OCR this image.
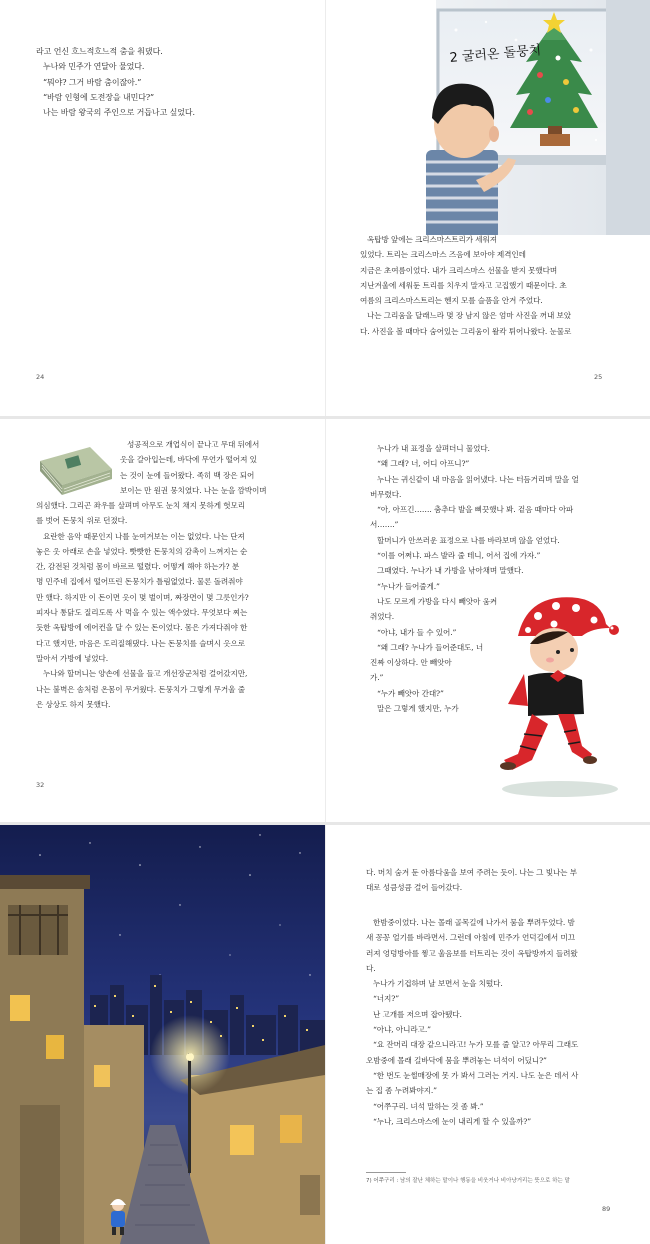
라고 언신 흐느적흐느적 춤을 춰댔다.

누나와 민주가 연달아 물었다.

“뭐야? 그거 바람 춤이잖아.”

“바람 인형에 도전장을 내민다?”

나는 바람 왕국의 주인으로 거듭나고 싶었다.

24
2 굴러온 돌뭉치

옥탑방 앞에는 크리스마스트리가 세워져

있었다. 트리는 크리스마스 즈음에 보아야 제격인데

지금은 초여름이었다. 내가 크리스마스 선물을 받지 못했다며

지난겨울에 세워둔 트리를 치우지 말자고 고집했기 때문이다. 초

여름의 크리스마스트리는 헨지 모를 슬픔을 안겨 주었다.

나는 그리움을 달래느라 몇 장 남지 않은 엄마 사진을 꺼내 보았

다. 사진을 볼 때마다 숨어있는 그리움이 왈칵 튀어나왔다. 눈물로

25

성공적으로 개업식이 끝나고 무대 뒤에서

옷을 갈아입는데, 바닥에 무언가 떨어져 있

는 것이 눈에 들어왔다. 족히 백 장은 되어

보이는 만 원권 뭉치였다. 나는 눈을 깜박이며

의심했다. 그리곤 좌우를 살펴며 아무도 눈치 채지 못하게 헛모리

를 벗어 돈뭉치 위로 던졌다.

요란한 음악 때문인지 나를 눈여겨보는 이는 없었다. 나는 단져

놓은 옷 아래로 손을 넣었다. 빳빳한 돈뭉치의 감촉이 느껴지는 순

간, 감전된 것처럼 몸이 바르르 떨렸다. 어떻게 해야 하는가? 분

명 민주네 집에서 떨어뜨린 돈뭉치가 틀림없었다. 물론 돌려줘야

만 했다. 하지만 이 돈이면 옷이 몇 벌이며, 짜장면이 몇 그릇인가?

피자나 통닭도 질리도록 사 먹을 수 있는 액수였다. 무엇보다 찌는

듯한 옥탑방에 에어컨을 달 수 있는 돈이었다. 몸은 가져다줘야 한

다고 했지만, 마음은 도리질해댔다. 나는 돈뭉치를 슬며시 옷으로

말아서 가방에 넣었다.

누나와 할머니는 양손에 선물을 들고 개선장군처럼 걸어갔지만,

나는 불벽은 솜처럼 온몸이 무거웠다. 돈뭉치가 그렇게 무거울 줄

은 상상도 하지 못했다.

32

누나가 내 표정을 살펴더니 물었다.

“왜 그래? 너, 어디 아프니?”

누나는 귀신같이 내 마음을 읽어냈다. 나는 터듬거리며 말을 얼

버무렸다.

“아, 아프긴……. 춤추다 발을 삐끗했나 봐. 겉음 때마다 아파

서…….”

할머니가 안쓰러운 표정으로 나를 바라보며 않을 얻었다.

“이를 어쩌냐. 파스 발라 줄 테니, 어서 집에 가자.”

그때였다. 누나가 내 가방을 낚아채며 말했다.

“누나가 들어줄게.”

나도 모르게 가방을 다시 빼앗아 움켜

쥐었다.

“아냐, 내가 들 수 있어.”

“왜 그래? 누나가 들어준대도, 너

진짜 이상하다. 안 빼앗아

가.”

“누가 빼앗아 간대?”

말은 그렇게 했지만, 누가

다. 머치 숨겨 둔 아름다움을 보여 주려는 듯이. 나는 그 빛나는 부

대로 성큼성큼 걸어 들어갔다.

한밤중이었다. 나는 몰래 골목길에 나가서 뭄을 뿌려두었다. 밤

새 꽁꽁 얼기를 바라면서. 그런데 아침에 민주가 언덕길에서 미끄

러져 엉덩방아를 찧고 울음보를 터트리는 것이 옥탑방까지 들려왔

다.

누나가 기겁하며 날 보면서 눈을 치떴다.

“너지?”

난 고개를 저으며 잡아뗐다.

“아냐, 아니라고.”

“요 잔머리 대장 같으니라고! 누가 모를 줄 알고? 아무리 그래도

오밤중에 몰래 길바닥에 뭄을 뿌려놓는 녀석이 어딨니?”

“한 번도 눈썰매장에 못 가 봐서 그러는 거지. 나도 눈은 데서 사

는 집 좀 누려봐야지.”

“어쭈구리. 녀석 말하는 것 좀 봐.”

“누나, 크리스마스에 눈이 내리게 할 수 있을까?”

7) 어쭈구리 : 남의 잘난 체하는 말이나 행동을 비웃거나 비아냥거리는 뜻으로 하는 말
89
